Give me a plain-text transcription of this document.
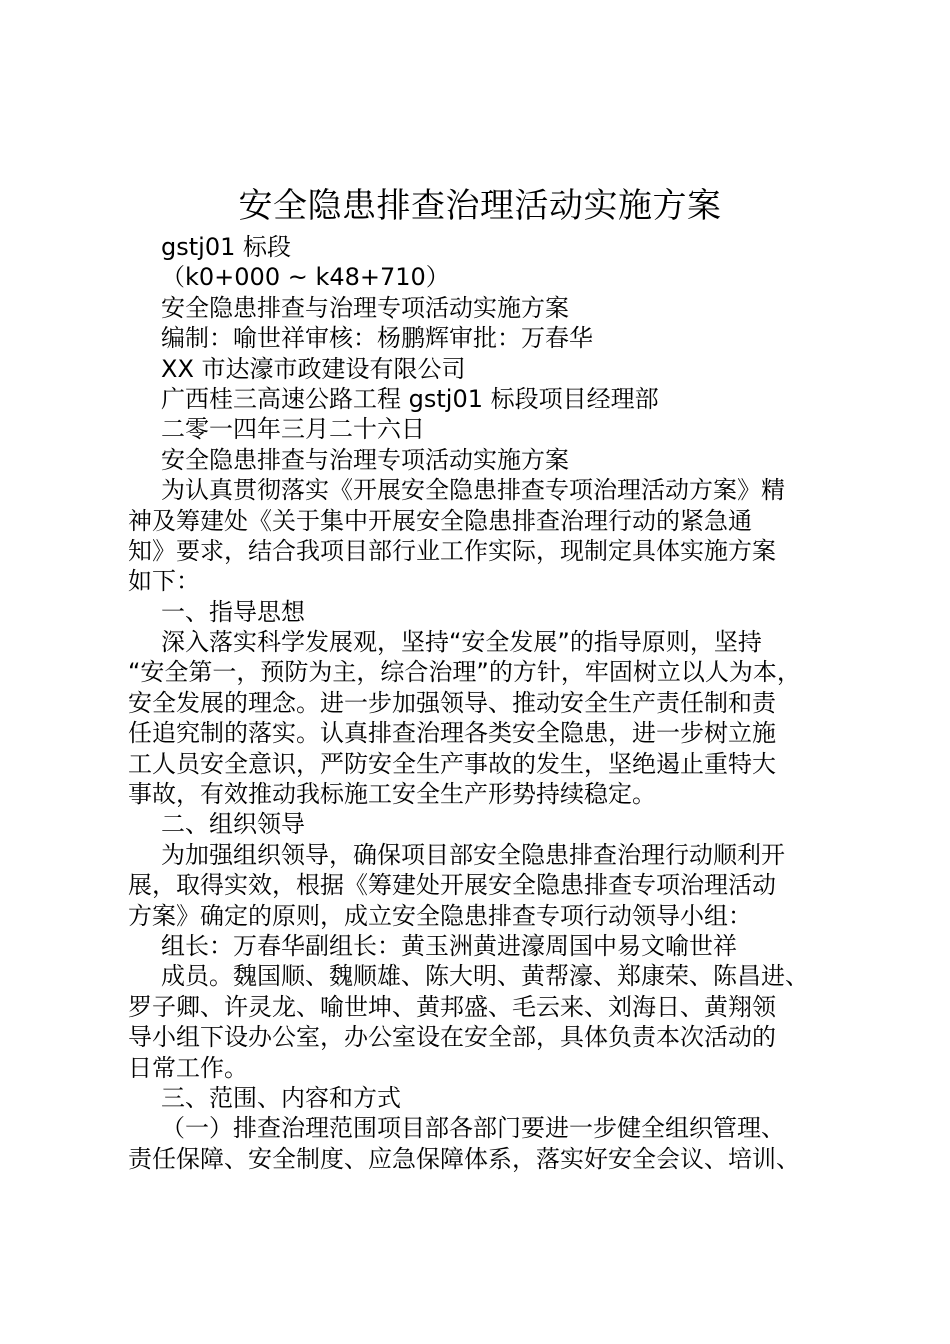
安全隐患排查治理活动实施方案
gstj01 标段
（k0+000 ~ k48+710）
安全隐患排查与治理专项活动实施方案
编制：喻世祥审核：杨鹏辉审批：万春华
XX 市达濠市政建设有限公司
广西桂三高速公路工程 gstj01 标段项目经理部
二零一四年三月二十六日
安全隐患排查与治理专项活动实施方案
为认真贯彻落实《开展安全隐患排查专项治理活动方案》精
神及筹建处《关于集中开展安全隐患排查治理行动的紧急通
知》要求，结合我项目部行业工作实际，现制定具体实施方案
如下：
一、指导思想
深入落实科学发展观，坚持“安全发展”的指导原则，坚持
“安全第一，预防为主，综合治理”的方针，牢固树立以人为本，
安全发展的理念。进一步加强领导、推动安全生产责任制和责
任追究制的落实。认真排查治理各类安全隐患，进一步树立施
工人员安全意识，严防安全生产事故的发生，坚绝遏止重特大
事故，有效推动我标施工安全生产形势持续稳定。
二、组织领导
为加强组织领导，确保项目部安全隐患排查治理行动顺利开
展，取得实效，根据《筹建处开展安全隐患排查专项治理活动
方案》确定的原则，成立安全隐患排查专项行动领导小组：
组长：万春华副组长：黄玉洲黄进濠周国中易文喻世祥
成员。魏国顺、魏顺雄、陈大明、黄帮濠、郑康荣、陈昌进、
罗子卿、许灵龙、喻世坤、黄邦盛、毛云来、刘海日、黄翔领
导小组下设办公室，办公室设在安全部，具体负责本次活动的
日常工作。
三、范围、内容和方式
（一）排查治理范围项目部各部门要进一步健全组织管理、
责任保障、安全制度、应急保障体系，落实好安全会议、培训、
